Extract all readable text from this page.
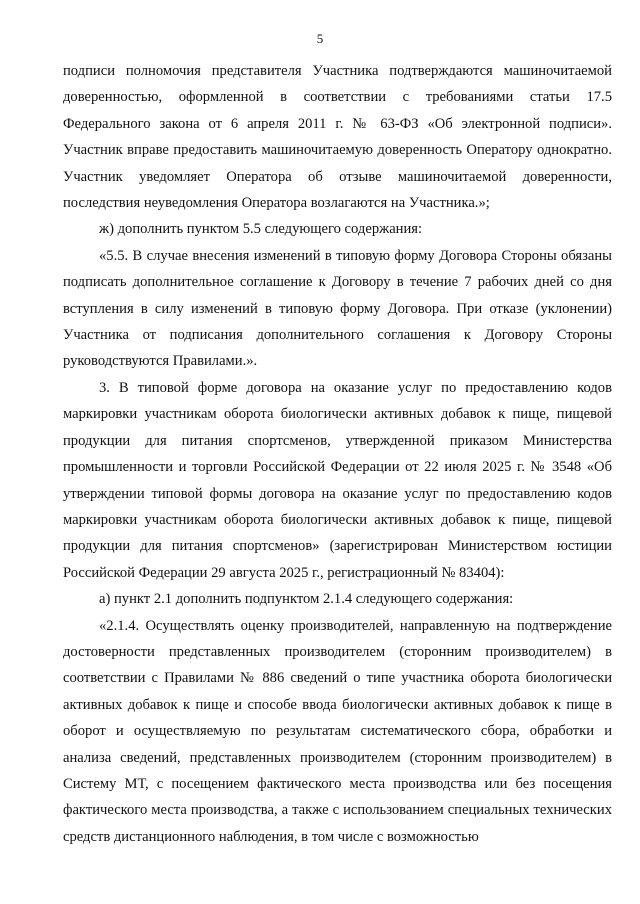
5

подписи полномочия представителя Участника подтверждаются машиночитаемой доверенностью, оформленной в соответствии с требованиями статьи 17.5 Федерального закона от 6 апреля 2011 г. № 63-ФЗ «Об электронной подписи». Участник вправе предоставить машиночитаемую доверенность Оператору однократно. Участник уведомляет Оператора об отзыве машиночитаемой доверенности, последствия неуведомления Оператора возлагаются на Участника.»;

ж) дополнить пунктом 5.5 следующего содержания:

«5.5. В случае внесения изменений в типовую форму Договора Стороны обязаны подписать дополнительное соглашение к Договору в течение 7 рабочих дней со дня вступления в силу изменений в типовую форму Договора. При отказе (уклонении) Участника от подписания дополнительного соглашения к Договору Стороны руководствуются Правилами.».

3. В типовой форме договора на оказание услуг по предоставлению кодов маркировки участникам оборота биологически активных добавок к пище, пищевой продукции для питания спортсменов, утвержденной приказом Министерства промышленности и торговли Российской Федерации от 22 июля 2025 г. № 3548 «Об утверждении типовой формы договора на оказание услуг по предоставлению кодов маркировки участникам оборота биологически активных добавок к пище, пищевой продукции для питания спортсменов» (зарегистрирован Министерством юстиции Российской Федерации 29 августа 2025 г., регистрационный № 83404):

а) пункт 2.1 дополнить подпунктом 2.1.4 следующего содержания:

«2.1.4. Осуществлять оценку производителей, направленную на подтверждение достоверности представленных производителем (сторонним производителем) в соответствии с Правилами № 886 сведений о типе участника оборота биологически активных добавок к пище и способе ввода биологически активных добавок к пище в оборот и осуществляемую по результатам систематического сбора, обработки и анализа сведений, представленных производителем (сторонним производителем) в Систему МТ, с посещением фактического места производства или без посещения фактического места производства, а также с использованием специальных технических средств дистанционного наблюдения, в том числе с возможностью
